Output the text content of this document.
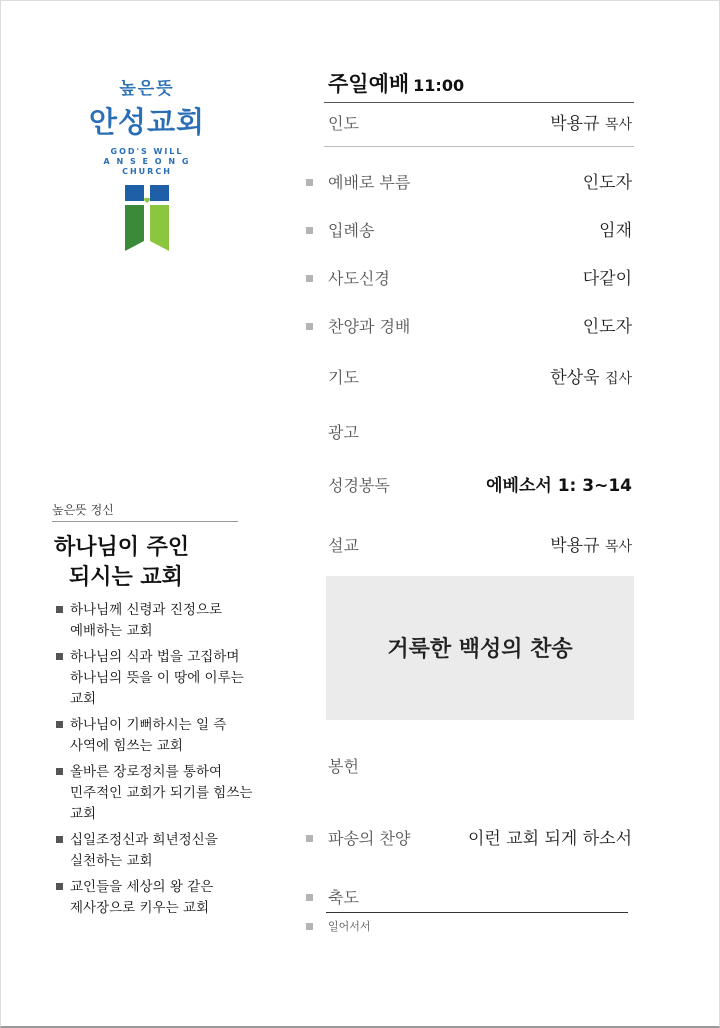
높은뜻
안성교회
GOD'S WILL
A N S E O N G
CHURCH
높은뜻 정신
하나님이 주인
되시는 교회
하나님께 신령과 진정으로
예배하는 교회
하나님의 식과 법을 고집하며
하나님의 뜻을 이 땅에 이루는
교회
하나님이 기뻐하시는 일 즉
사역에 힘쓰는 교회
올바른 장로정치를 통하여
민주적인 교회가 되기를 힘쓰는
교회
십일조정신과 희년정신을
실천하는 교회
교인들을 세상의 왕 같은
제사장으로 키우는 교회
주일예배 11:00
인도	박용규 목사
예배로 부름	인도자
입례송	임재
사도신경	다같이
찬양과 경배	인도자
기도	한상욱 집사
광고
성경봉독	에베소서 1: 3~14
설교	박용규 목사
거룩한 백성의 찬송
봉헌
파송의 찬양	이런 교회 되게 하소서
축도
일어서서
